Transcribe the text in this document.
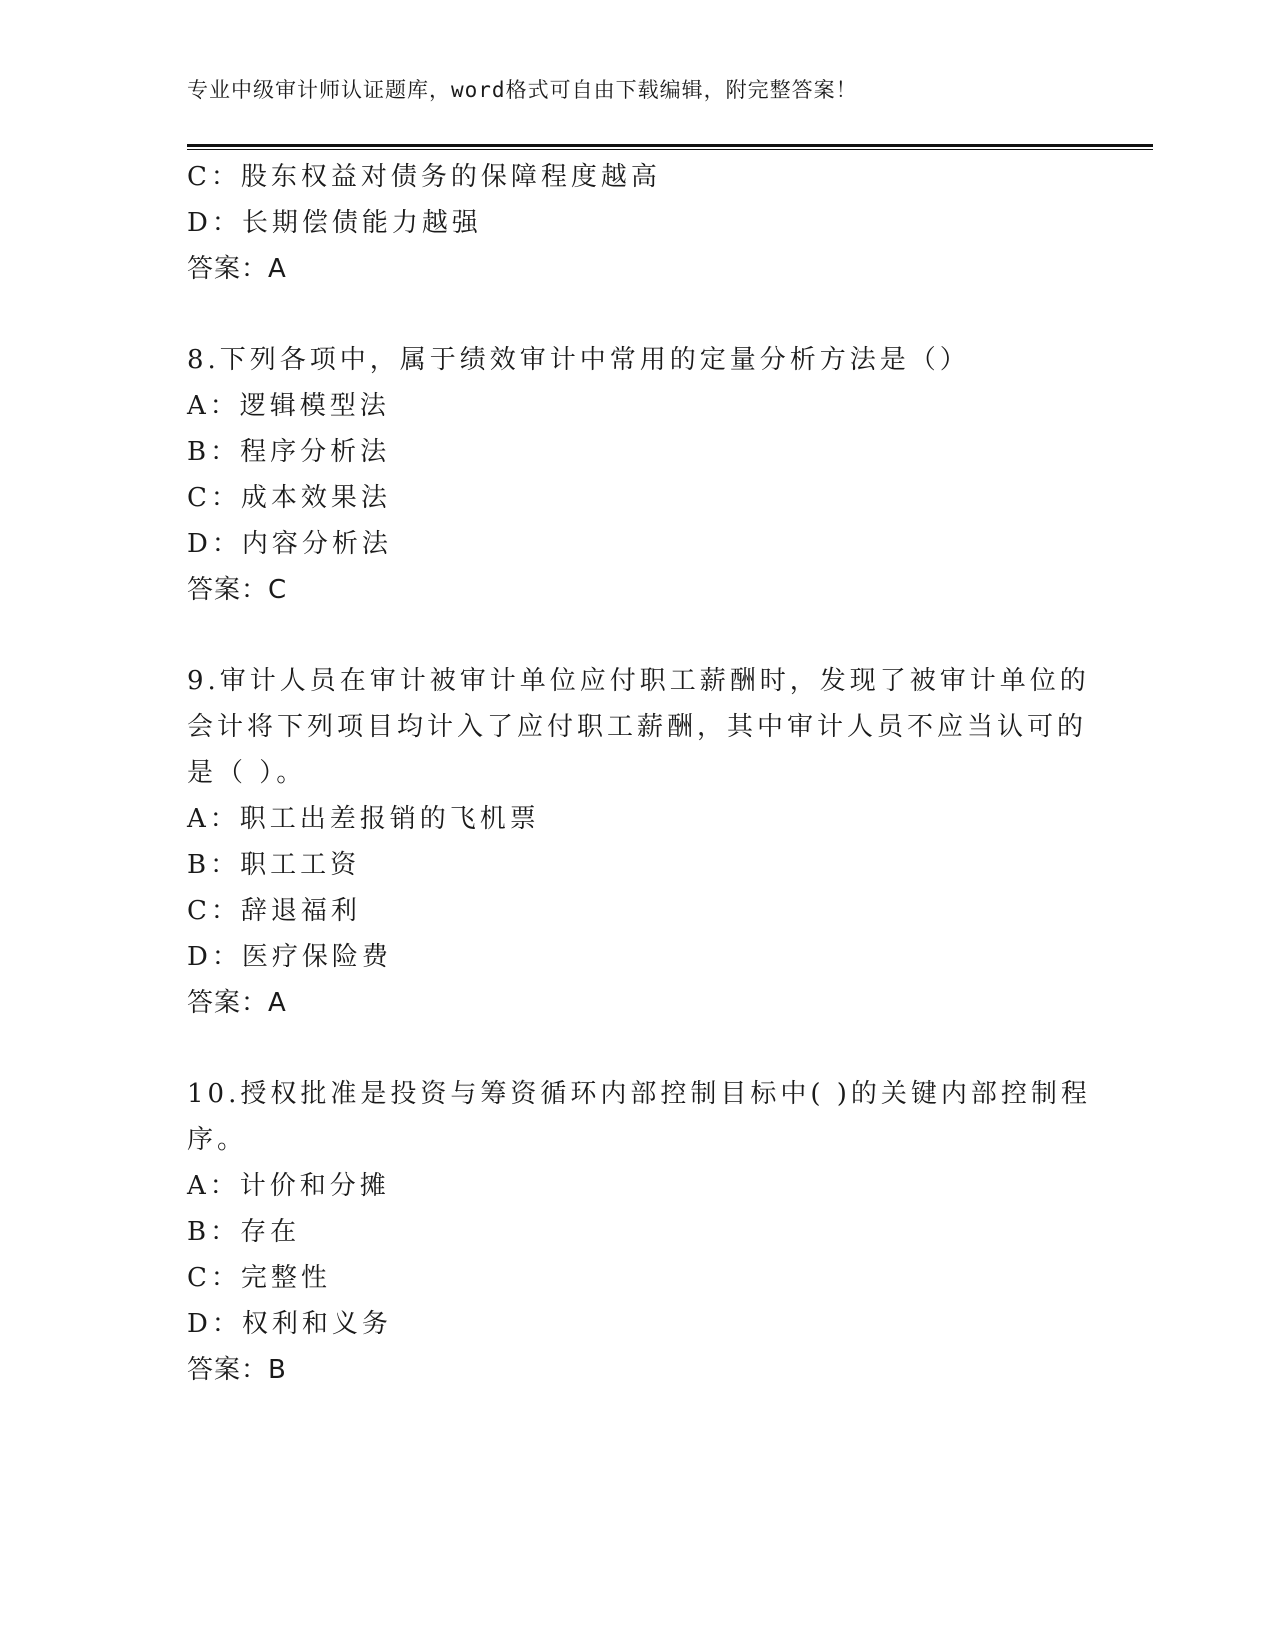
专业中级审计师认证题库，word格式可自由下载编辑，附完整答案！
C：股东权益对债务的保障程度越高
D：长期偿债能力越强
答案：A
8.下列各项中，属于绩效审计中常用的定量分析方法是（）
A：逻辑模型法
B：程序分析法
C：成本效果法
D：内容分析法
答案：C
9.审计人员在审计被审计单位应付职工薪酬时，发现了被审计单位的
会计将下列项目均计入了应付职工薪酬，其中审计人员不应当认可的
是（ ）。
A：职工出差报销的飞机票
B：职工工资
C：辞退福利
D：医疗保险费
答案：A
10.授权批准是投资与筹资循环内部控制目标中( )的关键内部控制程
序。
A：计价和分摊
B：存在
C：完整性
D：权利和义务
答案：B
